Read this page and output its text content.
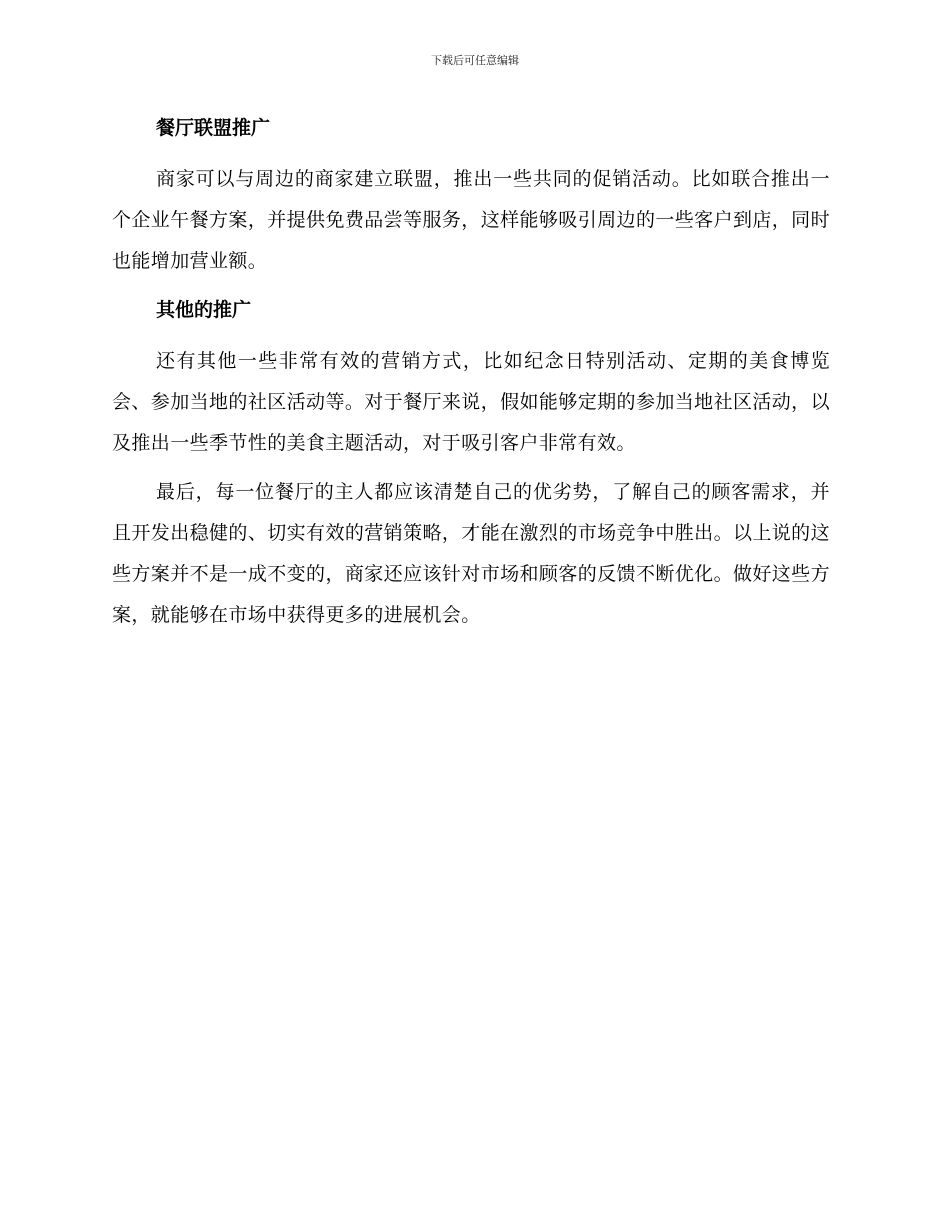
下载后可任意编辑
餐厅联盟推广

商家可以与周边的商家建立联盟，推出一些共同的促销活动。比如联合推出一个企业午餐方案，并提供免费品尝等服务，这样能够吸引周边的一些客户到店，同时也能增加营业额。

其他的推广

还有其他一些非常有效的营销方式，比如纪念日特别活动、定期的美食博览会、参加当地的社区活动等。对于餐厅来说，假如能够定期的参加当地社区活动，以及推出一些季节性的美食主题活动，对于吸引客户非常有效。

最后，每一位餐厅的主人都应该清楚自己的优劣势，了解自己的顾客需求，并且开发出稳健的、切实有效的营销策略，才能在激烈的市场竞争中胜出。以上说的这些方案并不是一成不变的，商家还应该针对市场和顾客的反馈不断优化。做好这些方案，就能够在市场中获得更多的进展机会。
